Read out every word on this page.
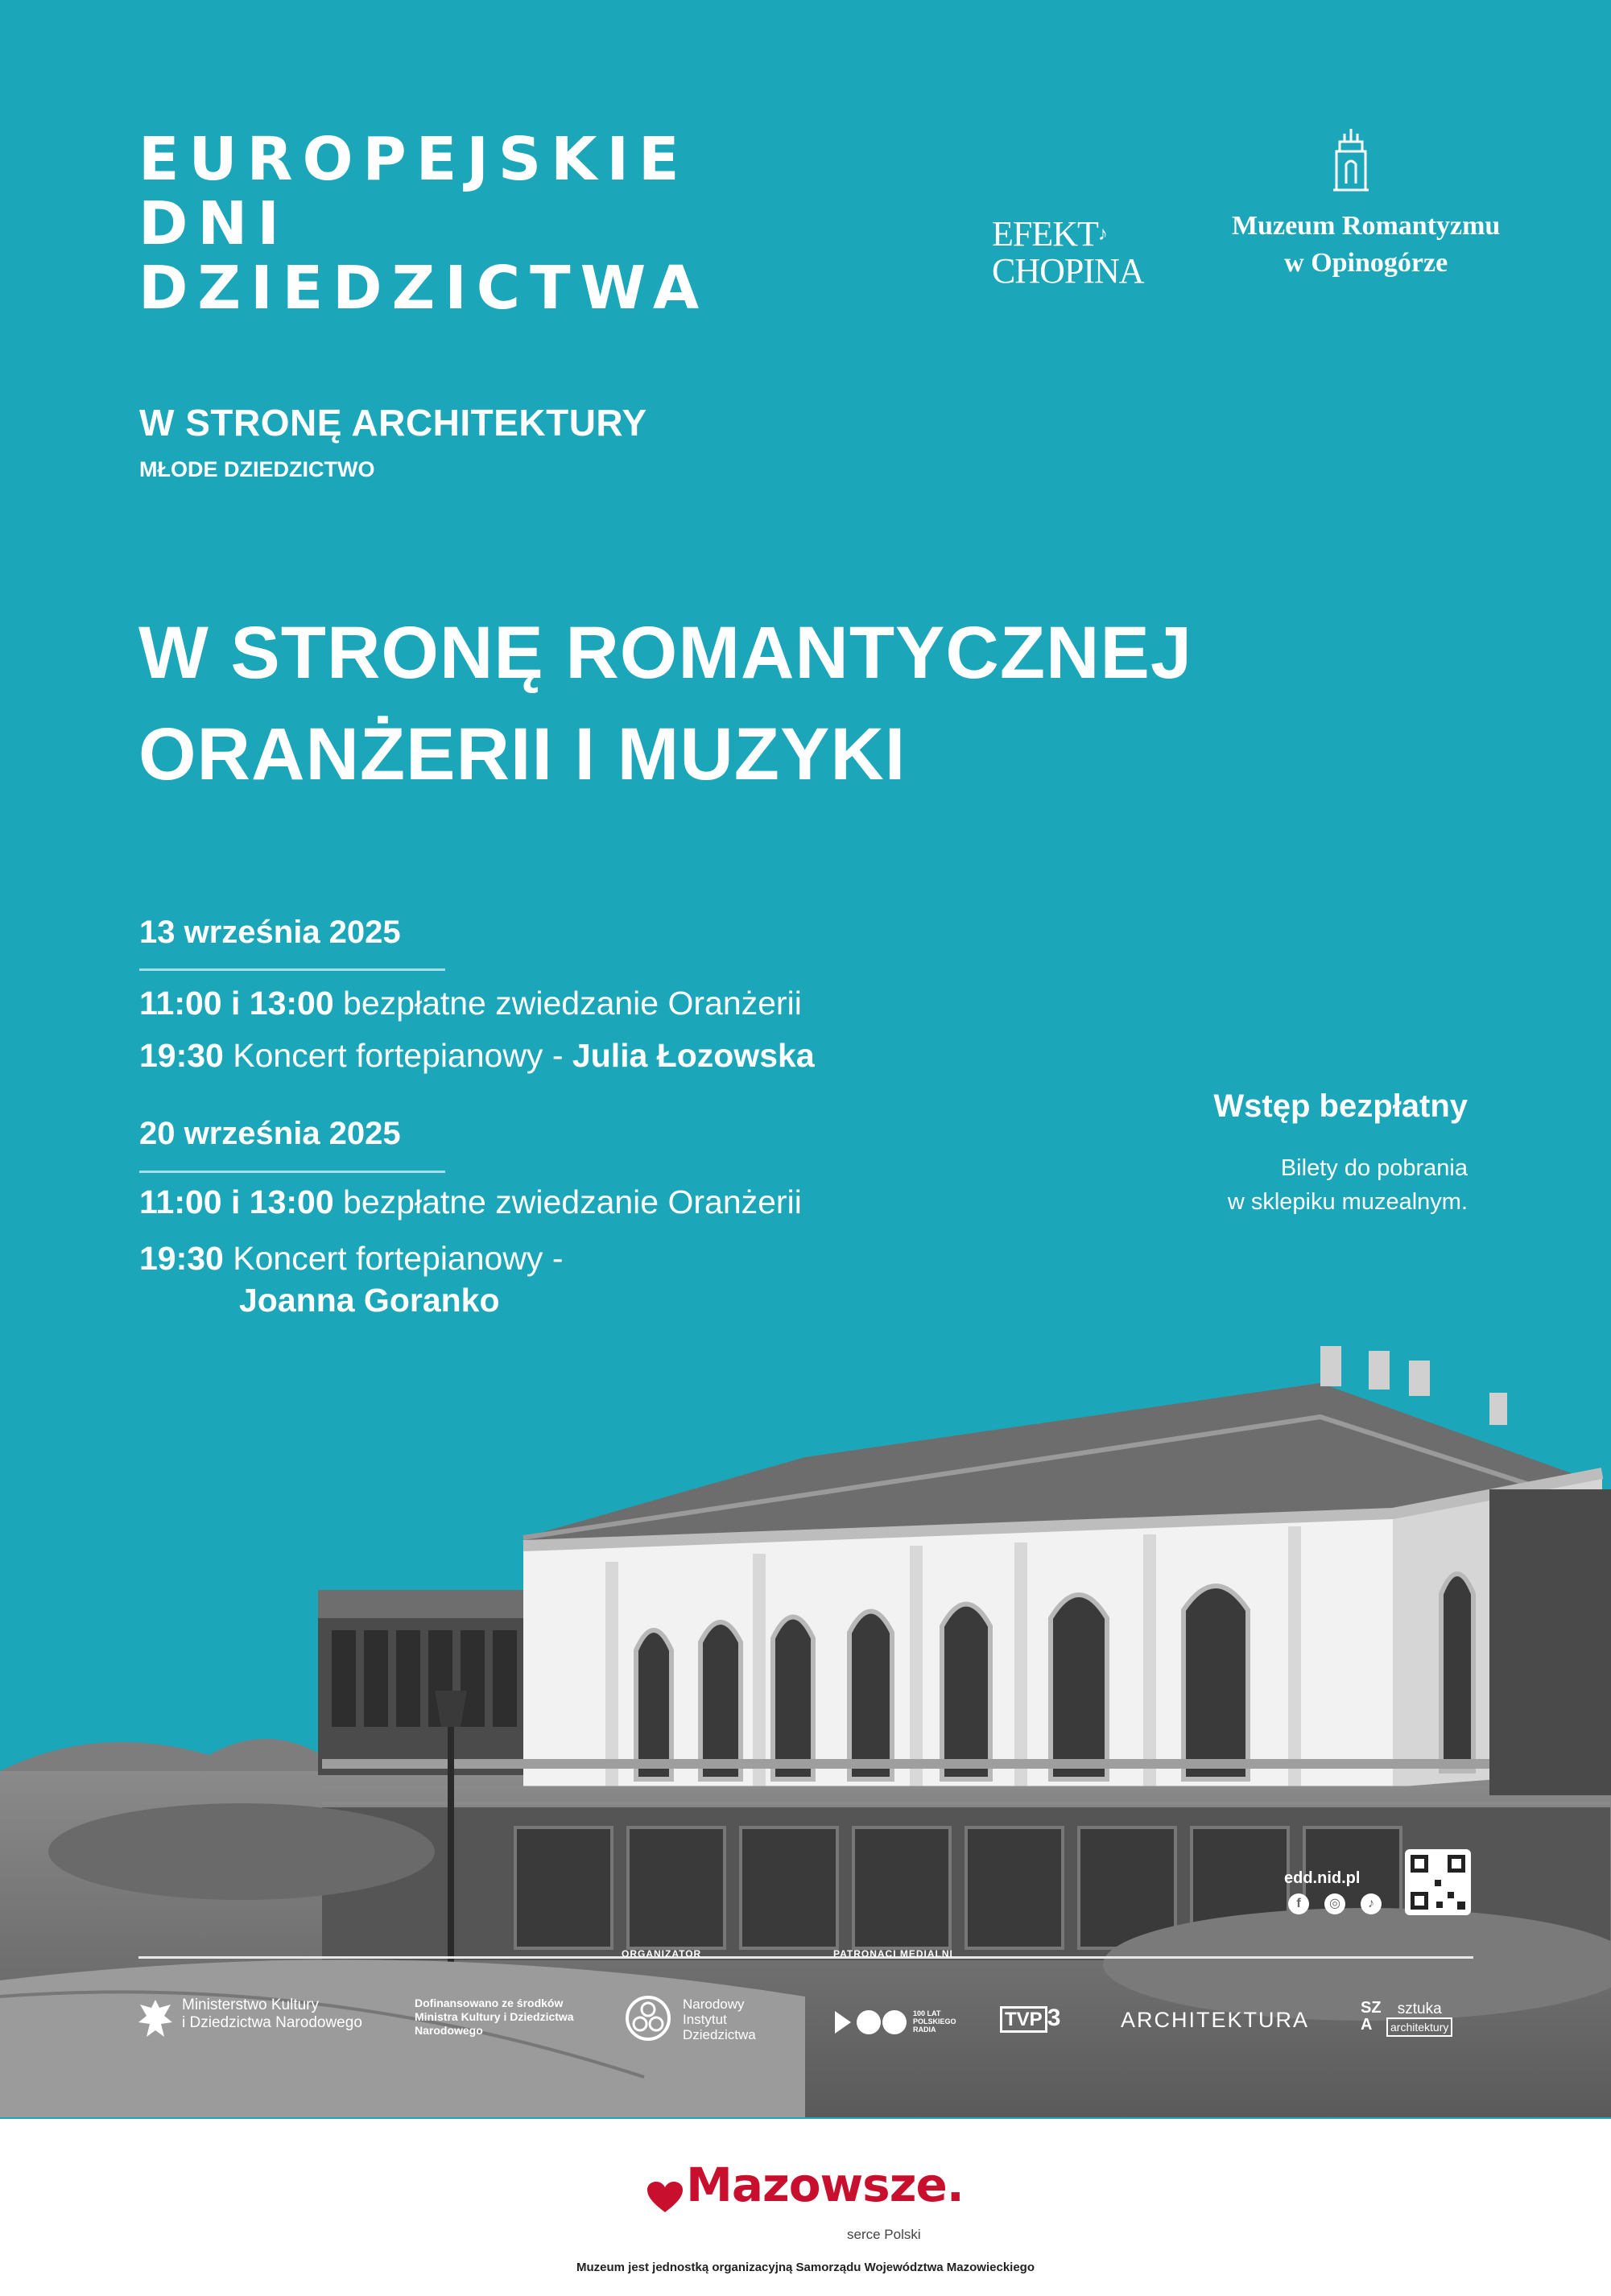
EUROPEJSKIE
DNI
DZIEDZICTWA
W STRONĘ ARCHITEKTURY
MŁODE DZIEDZICTWO
EFEKT♪
CHOPINA
Muzeum Romantyzmu
w Opinogórze
W STRONĘ ROMANTYCZNEJ
ORANŻERII I MUZYKI
13 września 2025
11:00 i 13:00 bezpłatne zwiedzanie Oranżerii
19:30 Koncert fortepianowy - Julia Łozowska
20 września 2025
11:00 i 13:00 bezpłatne zwiedzanie Oranżerii
19:30 Koncert fortepianowy -
Joanna Goranko
Wstęp bezpłatny
Bilety do pobrania
w sklepiku muzealnym.
edd.nid.pl
f	◎	♪
ORGANIZATOR	PATRONACI MEDIALNI
Ministerstwo Kultury
i Dziedzictwa Narodowego
Dofinansowano ze środków
Ministra Kultury i Dziedzictwa
Narodowego
Narodowy
Instytut
Dziedzictwa
100 LAT
POLSKIEGO
RADIA	TVP 3	ARCHITEKTURA	SZ
A
sztuka
architektury
Mazowsze.
serce Polski
Muzeum jest jednostką organizacyjną Samorządu Województwa Mazowieckiego
